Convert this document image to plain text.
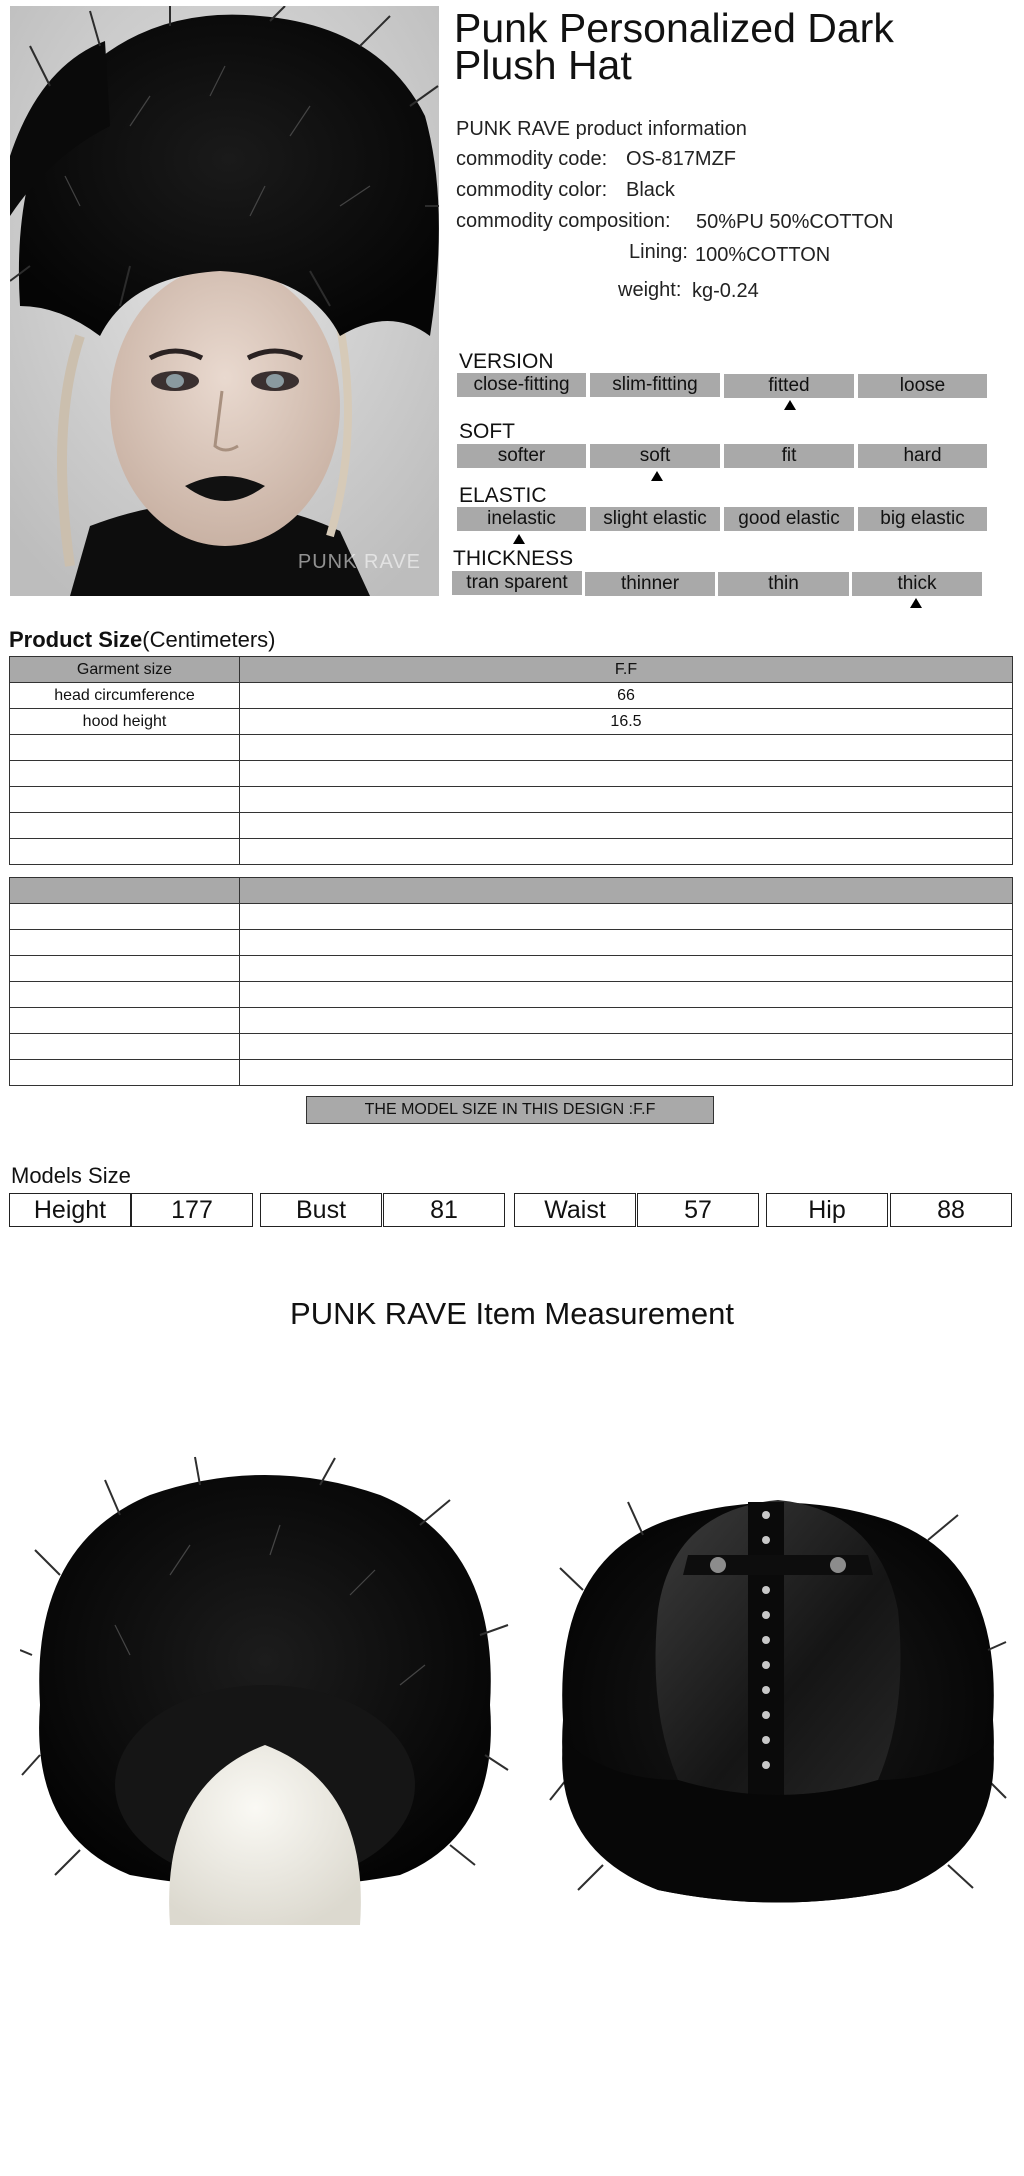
PUNK RAVE
Punk Personalized Dark Plush Hat
PUNK RAVE product information
commodity code: OS-817MZF
commodity color: Black
commodity composition: 50%PU 50%COTTON
Lining: 100%COTTON
weight: kg-0.24
VERSION
close-fitting	slim-fitting	fitted	loose
SOFT
softer	soft	fit	hard
ELASTIC
inelastic	slight elastic	good elastic	big elastic
THICKNESS
tran sparent	thinner	thin	thick
Product Size(Centimeters)
Garment size	F.F
head circumference	66
hood height	16.5

THE MODEL SIZE IN THIS DESIGN :F.F
Models Size
Height	177	Bust	81	Waist	57	Hip	88
PUNK RAVE Item Measurement
